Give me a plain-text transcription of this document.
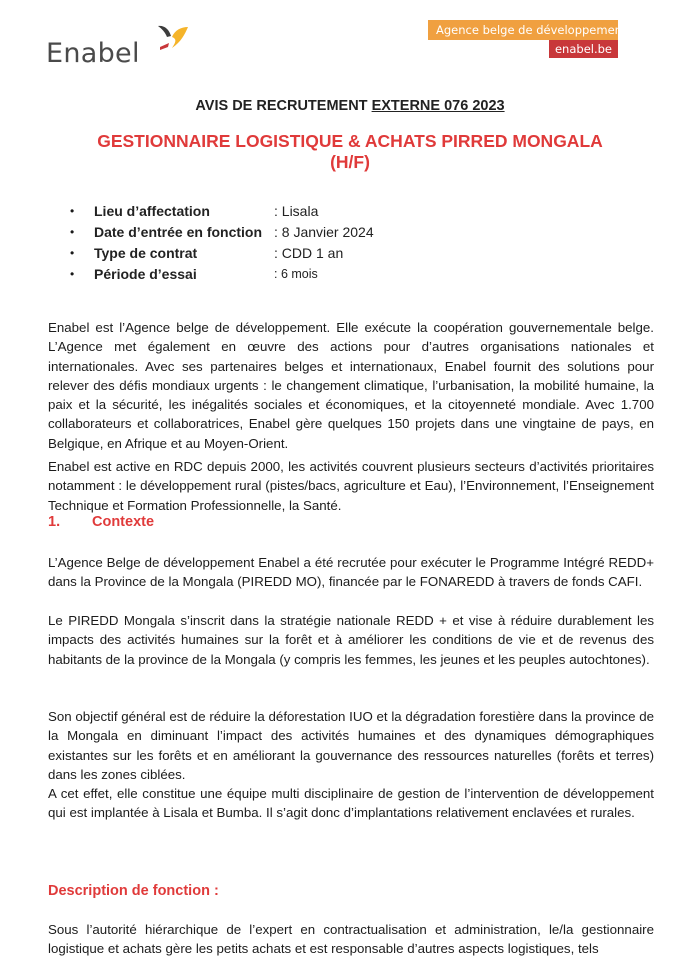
Enabel
Agence belge de développement
enabel.be
AVIS DE RECRUTEMENT EXTERNE 076 2023
GESTIONNAIRE LOGISTIQUE & ACHATS PIRRED MONGALA
(H/F)
•	Lieu d’affectation	: Lisala
•	Date d’entrée en fonction : 8 Janvier 2024
•	Type de contrat	: CDD 1 an
•	Période d’essai	: 6 mois

Enabel est l’Agence belge de développement. Elle exécute la coopération gouvernementale belge. L’Agence met également en œuvre des actions pour d’autres organisations nationales et internationales. Avec ses partenaires belges et internationaux, Enabel fournit des solutions pour relever des défis mondiaux urgents : le changement climatique, l’urbanisation, la mobilité humaine, la paix et la sécurité, les inégalités sociales et économiques, et la citoyenneté mondiale. Avec 1.700 collaborateurs et collaboratrices, Enabel gère quelques 150 projets dans une vingtaine de pays, en Belgique, en Afrique et au Moyen-Orient.

Enabel est active en RDC depuis 2000, les activités couvrent plusieurs secteurs d’activités prioritaires notamment : le développement rural (pistes/bacs, agriculture et Eau), l’Environnement, l’Enseignement Technique et Formation Professionnelle, la Santé.

1. Contexte

L’Agence Belge de développement Enabel a été recrutée pour exécuter le Programme Intégré REDD+ dans la Province de la Mongala (PIREDD MO), financée par le FONAREDD à travers de fonds CAFI.

Le PIREDD Mongala s’inscrit dans la stratégie nationale REDD + et vise à réduire durablement les impacts des activités humaines sur la forêt et à améliorer les conditions de vie et de revenus des habitants de la province de la Mongala (y compris les femmes, les jeunes et les peuples autochtones).

Son objectif général est de réduire la déforestation IUO et la dégradation forestière dans la province de la Mongala en diminuant l’impact des activités humaines et des dynamiques démographiques existantes sur les forêts et en améliorant la gouvernance des ressources naturelles (forêts et terres) dans les zones ciblées.

A cet effet, elle constitue une équipe multi disciplinaire de gestion de l’intervention de développement qui est implantée à Lisala et Bumba. Il s’agit donc d’implantations relativement enclavées et rurales.

Description de fonction :

Sous l’autorité hiérarchique de l’expert en contractualisation et administration, le/la gestionnaire logistique et achats gère les petits achats et est responsable d’autres aspects logistiques, tels
